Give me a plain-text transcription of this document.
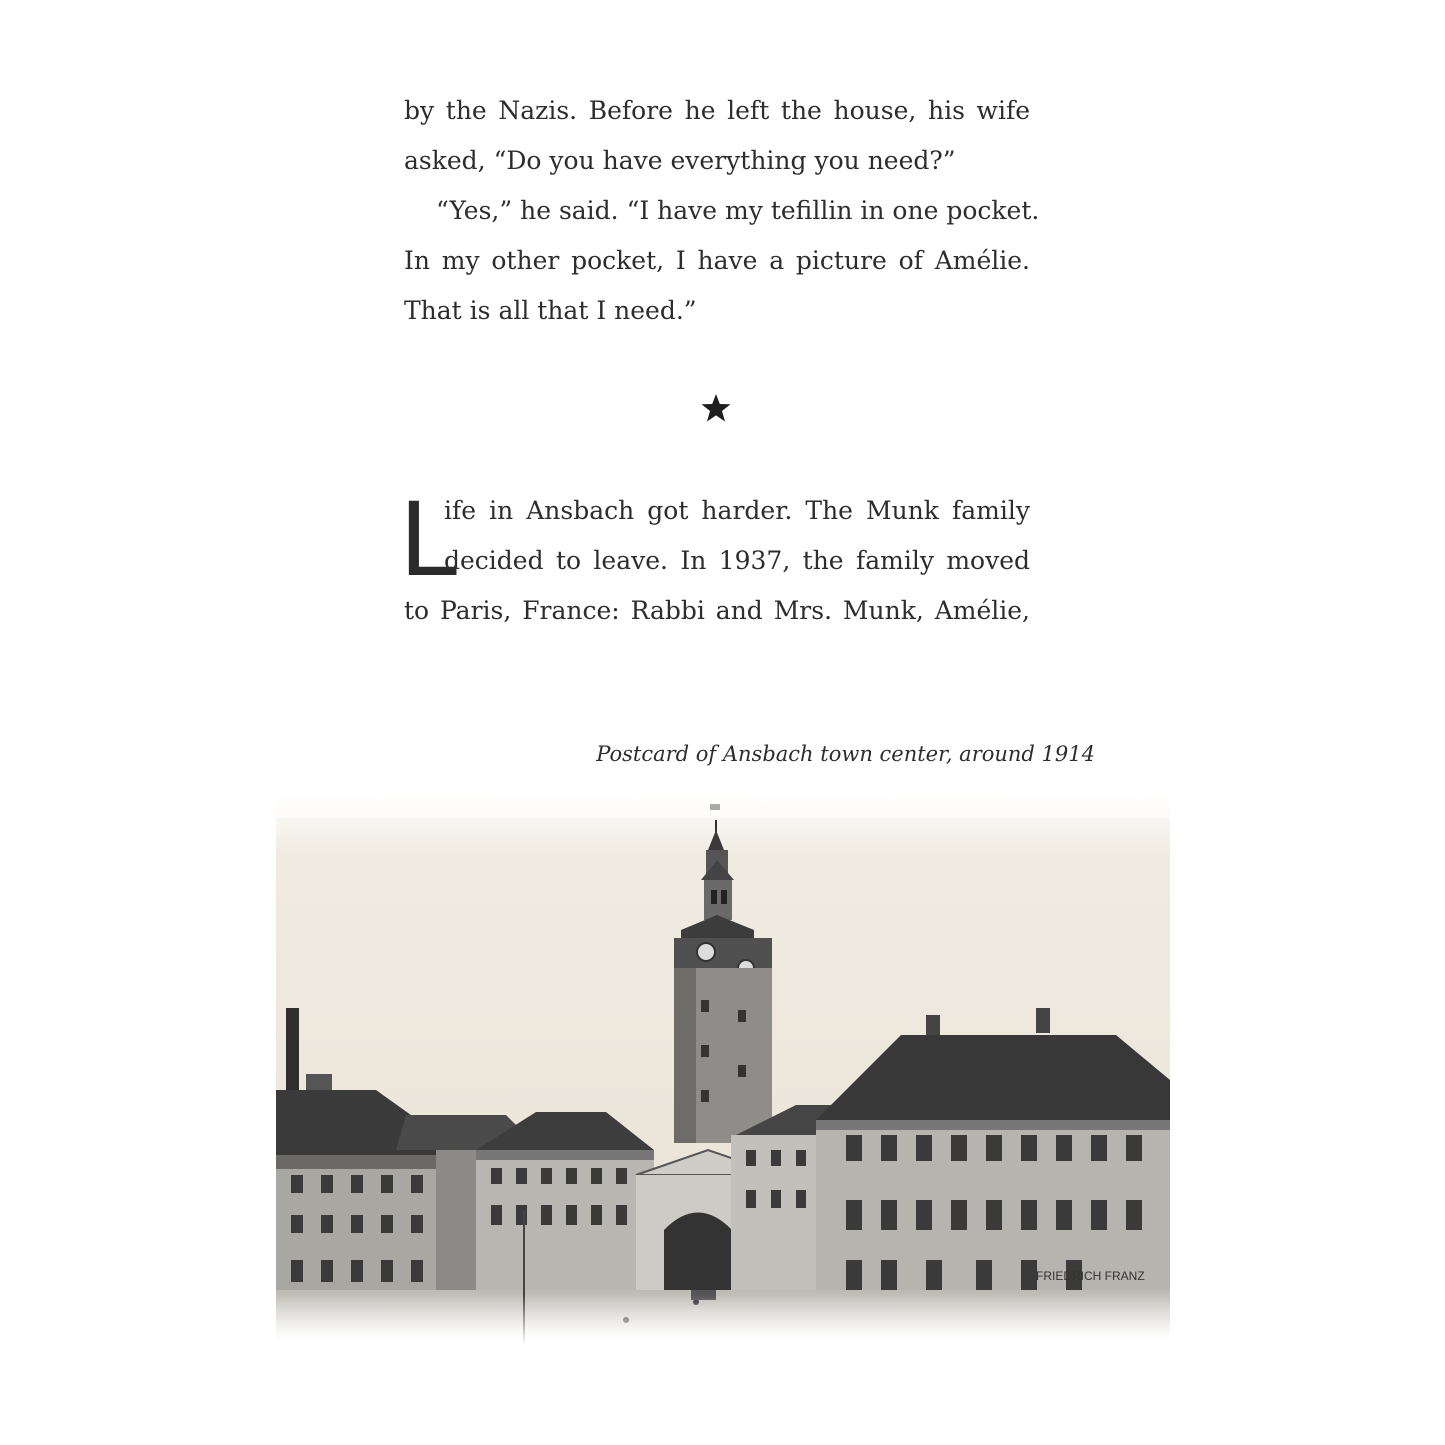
by the Nazis. Before he left the house, his wife
asked, “Do you have everything you need?”
“Yes,” he said. “I have my tefillin in one pocket.
In my other pocket, I have a picture of Amélie.
That is all that I need.”
L
ife in Ansbach got harder. The Munk family
decided to leave. In 1937, the family moved
to Paris, France: Rabbi and Mrs. Munk, Amélie,
Postcard of Ansbach town center, around 1914
FRIEDRICH FRANZ
